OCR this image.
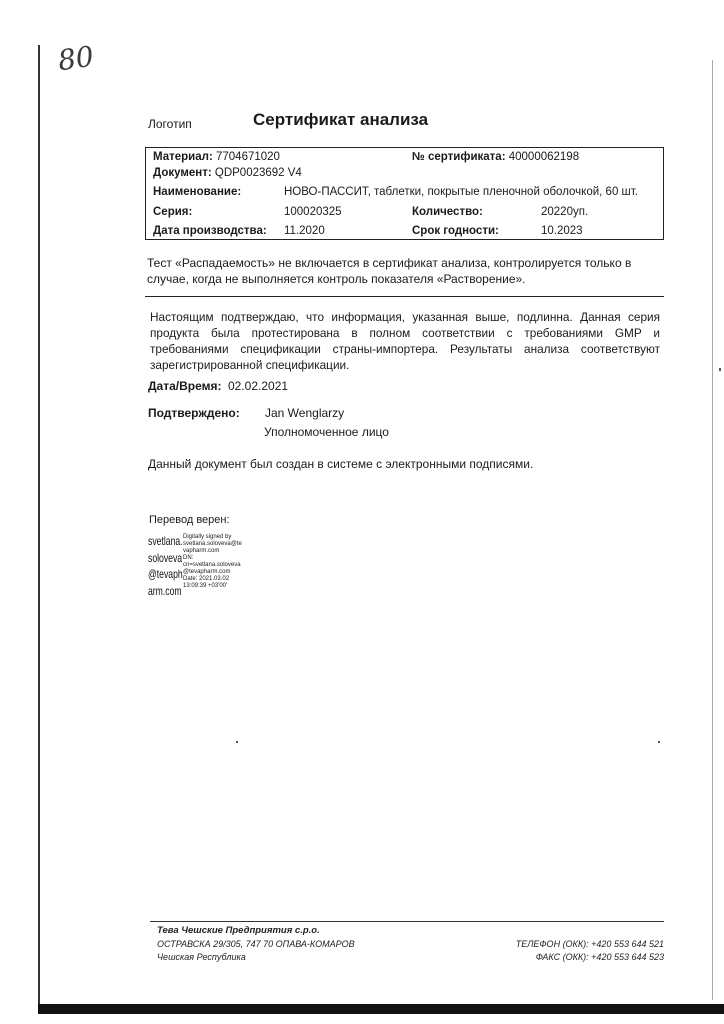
80
Логотип	Сертификат анализа
Материал: 7704671020	№ сертификата: 40000062198
Документ: QDP0023692 V4
Наименование:	НОВО-ПАССИТ, таблетки, покрытые пленочной оболочкой, 60 шт.
Серия:	100020325	Количество:	20220уп.
Дата производства: 11.2020	Срок годности:	10.2023
Тест «Распадаемость» не включается в сертификат анализа, контролируется только в
случае, когда не выполняется контроль показателя «Растворение».
Настоящим подтверждаю, что информация, указанная выше, подлинна. Данная серия
продукта была протестирована в полном соответствии с требованиями GMP и
требованиями спецификации страны-импортера. Результаты анализа соответствуют
зарегистрированной спецификации.
Дата/Время: 02.02.2021
Подтверждено: Jan Wenglarzy
Уполномоченное лицо
Данный документ был создан в системе с электронными подписями.
Перевод верен:
svetlana.
soloveva
@tevaph
arm.com
Digitally signed by
svetlana.soloveva@te
vapharm.com
DN:
cn=svetlana.soloveva
@tevapharm.com
Date: 2021.03.02
13:09:39 +03'00'
Тева Чешские Предприятия с.р.о.
ОСТРАВСКА 29/305, 747 70 ОПАВА-КОМАРОВ
Чешская Республика
ТЕЛЕФОН (ОКК): +420 553 644 521
ФАКС (ОКК): +420 553 644 523
